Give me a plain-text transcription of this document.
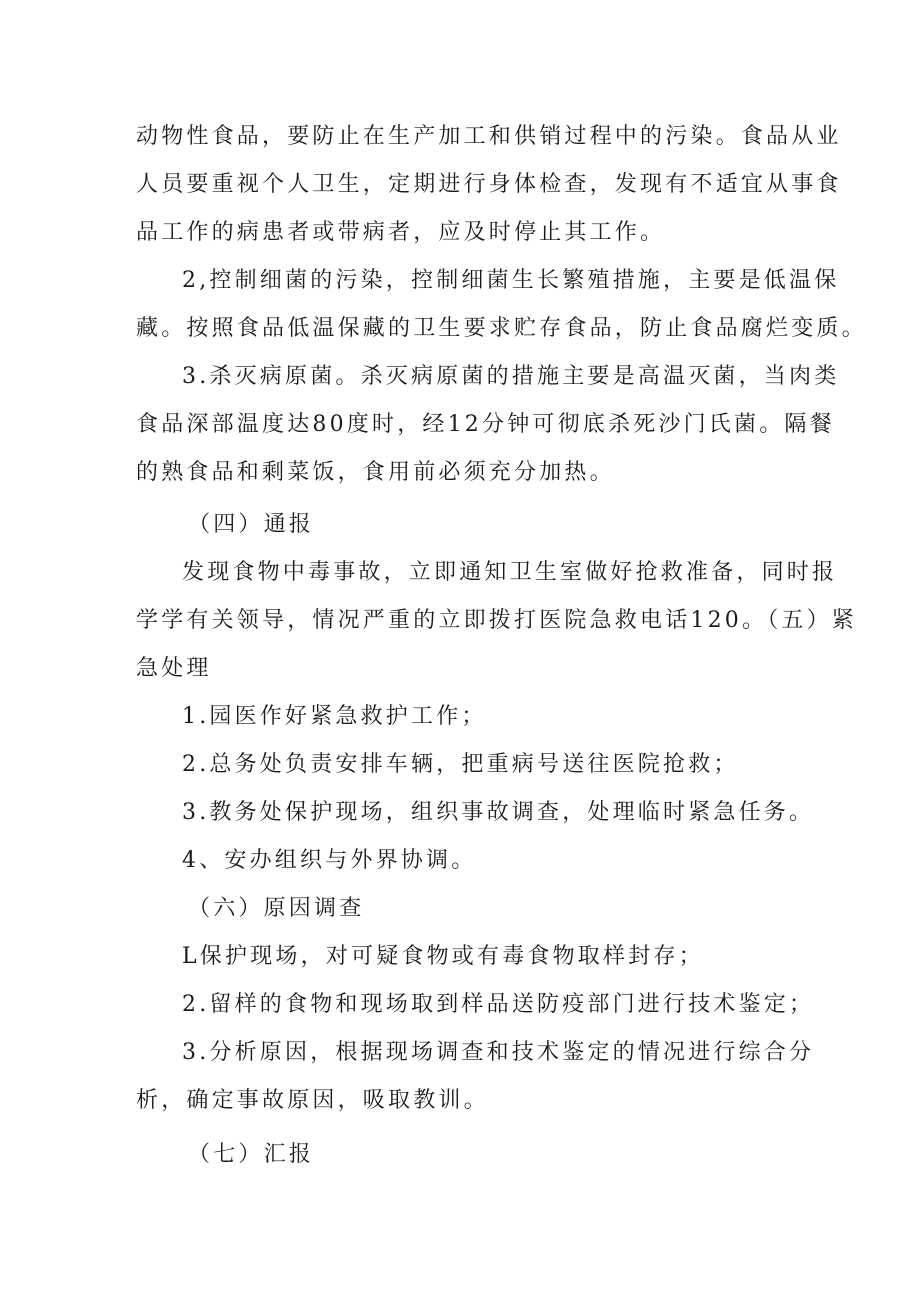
动物性食品，要防止在生产加工和供销过程中的污染。食品从业
人员要重视个人卫生，定期进行身体检查，发现有不适宜从事食
品工作的病患者或带病者，应及时停止其工作。
2,控制细菌的污染，控制细菌生长繁殖措施，主要是低温保
藏。按照食品低温保藏的卫生要求贮存食品，防止食品腐烂变质。
3.杀灭病原菌。杀灭病原菌的措施主要是高温灭菌，当肉类
食品深部温度达80度时，经12分钟可彻底杀死沙门氏菌。隔餐
的熟食品和剩菜饭，食用前必须充分加热。
（四）通报
发现食物中毒事故，立即通知卫生室做好抢救准备，同时报
学学有关领导，情况严重的立即拨打医院急救电话120。（五）紧
急处理
1.园医作好紧急救护工作；
2.总务处负责安排车辆，把重病号送往医院抢救；
3.教务处保护现场，组织事故调查，处理临时紧急任务。
4、安办组织与外界协调。
（六）原因调查
L保护现场，对可疑食物或有毒食物取样封存；
2.留样的食物和现场取到样品送防疫部门进行技术鉴定；
3.分析原因，根据现场调查和技术鉴定的情况进行综合分
析，确定事故原因，吸取教训。
（七）汇报
